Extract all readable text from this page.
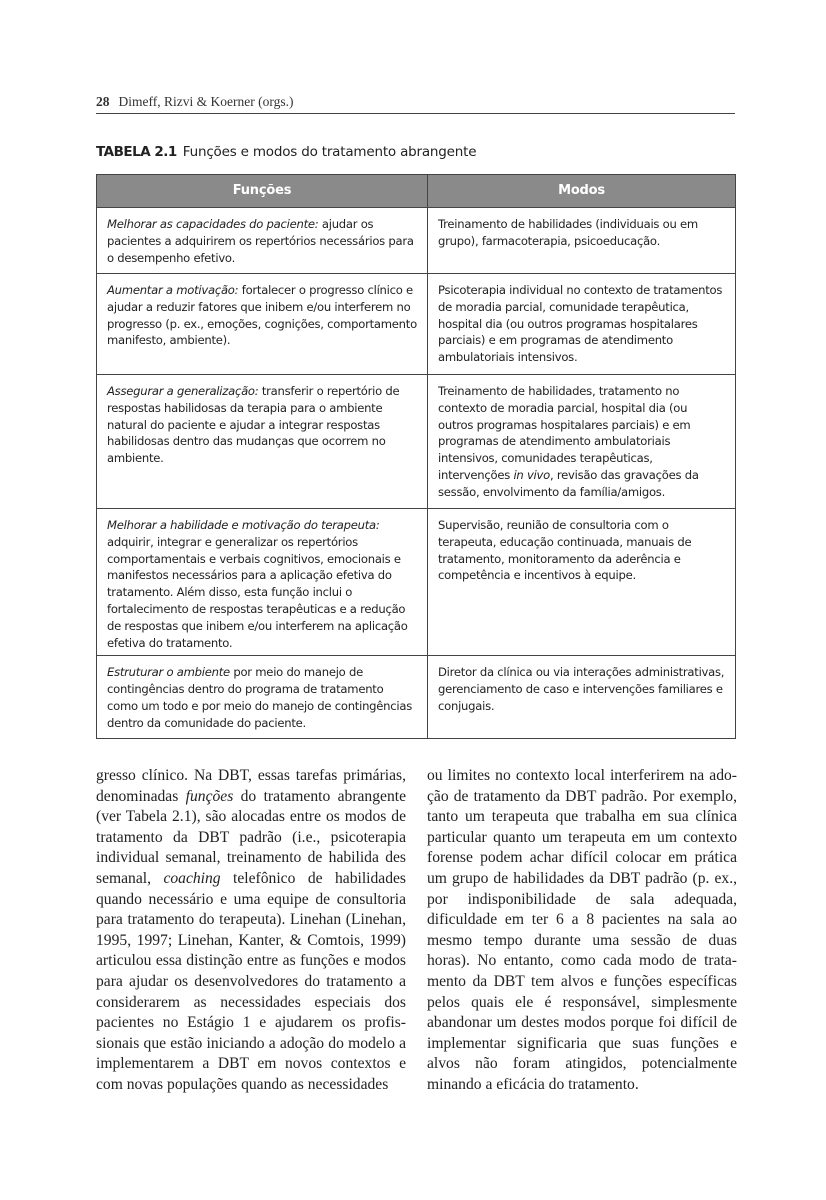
28 Dimeff, Rizvi & Koerner (orgs.)
TABELA 2.1 Funções e modos do tratamento abrangente
Funções	Modos
Melhorar as capacidades do paciente: ajudar os pacientes a adquirirem os repertórios necessários para o desempenho efetivo.	Treinamento de habilidades (individuais ou em grupo), farmacoterapia, psicoeducação.
Aumentar a motivação: fortalecer o progresso clínico e ajudar a reduzir fatores que inibem e/ou interferem no progresso (p. ex., emoções, cognições, comportamento manifesto, ambiente).	Psicoterapia individual no contexto de tratamentos de moradia parcial, comunidade terapêutica, hospital dia (ou outros programas hospitalares parciais) e em programas de atendimento ambulatoriais intensivos.
Assegurar a generalização: transferir o repertório de respostas habilidosas da terapia para o ambiente natural do paciente e ajudar a integrar respostas habilidosas dentro das mudanças que ocorrem no ambiente.	Treinamento de habilidades, tratamento no contexto de moradia parcial, hospital dia (ou outros programas hospitalares parciais) e em programas de atendimento ambulatoriais intensivos, comunidades terapêuticas, intervenções in vivo, revisão das gravações da sessão, envolvimento da família/amigos.
Melhorar a habilidade e motivação do terapeuta: adquirir, integrar e generalizar os repertórios comportamentais e verbais cognitivos, emocionais e manifestos necessários para a aplicação efetiva do tratamento. Além disso, esta função inclui o fortalecimento de respostas terapêuticas e a redução de respostas que inibem e/ou interferem na aplicação efetiva do tratamento.	Supervisão, reunião de consultoria com o terapeuta, educação continuada, manuais de tratamento, monitoramento da aderência e competência e incentivos à equipe.
Estruturar o ambiente por meio do manejo de contingências dentro do programa de tratamento como um todo e por meio do manejo de contingências dentro da comunidade do paciente.	Diretor da clínica ou via interações administrativas, gerenciamento de caso e intervenções familiares e conjugais.

gresso clínico. Na DBT, essas tarefas primárias, denominadas funções do tratamento abrangente (ver Tabela 2.1), são alocadas entre os modos de tratamento da DBT padrão (i.e., psicoterapia individual semanal, treinamento de habilida des semanal, coaching telefônico de habilidades quando necessário e uma equipe de consultoria para tratamento do terapeuta). Linehan (Linehan, 1995, 1997; Linehan, Kanter, & Comtois, 1999) articulou essa distinção entre as funções e modos para ajudar os desenvolvedores do tratamento a considerarem as necessidades especiais dos pacientes no Estágio 1 e ajudarem os profissionais que estão iniciando a adoção do modelo a implementarem a DBT em novos contextos e com novas populações quando as necessidades

ou limites no contexto local interferirem na adoção de tratamento da DBT padrão. Por exemplo, tanto um terapeuta que trabalha em sua clínica particular quanto um terapeuta em um contexto forense podem achar difícil colocar em prática um grupo de habilidades da DBT padrão (p. ex., por indisponibilidade de sala adequada, dificuldade em ter 6 a 8 pacientes na sala ao mesmo tempo durante uma sessão de duas horas). No entanto, como cada modo de tratamento da DBT tem alvos e funções específicas pelos quais ele é responsável, simplesmente abandonar um destes modos porque foi difícil de implementar significaria que suas funções e alvos não foram atingidos, potencialmente minando a eficácia do tratamento.
